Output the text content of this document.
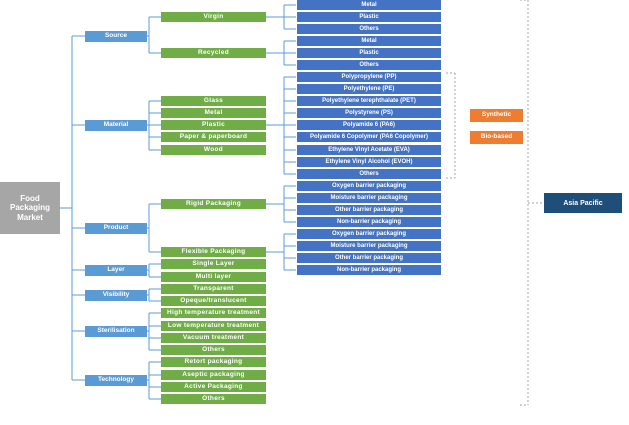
Food Packaging Market
Source
Material
Product
Layer
Visibility
Sterilisation
Technology
Virgin
Recycled
Metal
Plastic
Others
Metal
Plastic
Others
Glass
Metal
Plastic
Paper & paperboard
Wood
Polypropylene (PP)
Polyethylene (PE)
Polyethylene terephthalate (PET)
Polystyrene (PS)
Polyamide 6 (PA6)
Polyamide 6 Copolymer (PA6 Copolymer)
Ethylene Vinyl Acetate (EVA)
Ethylene Vinyl Alcohol (EVOH)
Others
Synthetic
Bio-based
Rigid Packaging
Flexible Packaging
Oxygen barrier packaging
Moisture barrier packaging
Other barrier packaging
Non-barrier packaging
Oxygen barrier packaging
Moisture barrier packaging
Other barrier packaging
Non-barrier packaging
Single Layer
Multi layer
Transparent
Opeque/translucent
High temperature treatment
Low temperature treatment
Vacuum treatment
Others
Retort packaging
Aseptic packaging
Active Packaging
Others
Asia Pacific
